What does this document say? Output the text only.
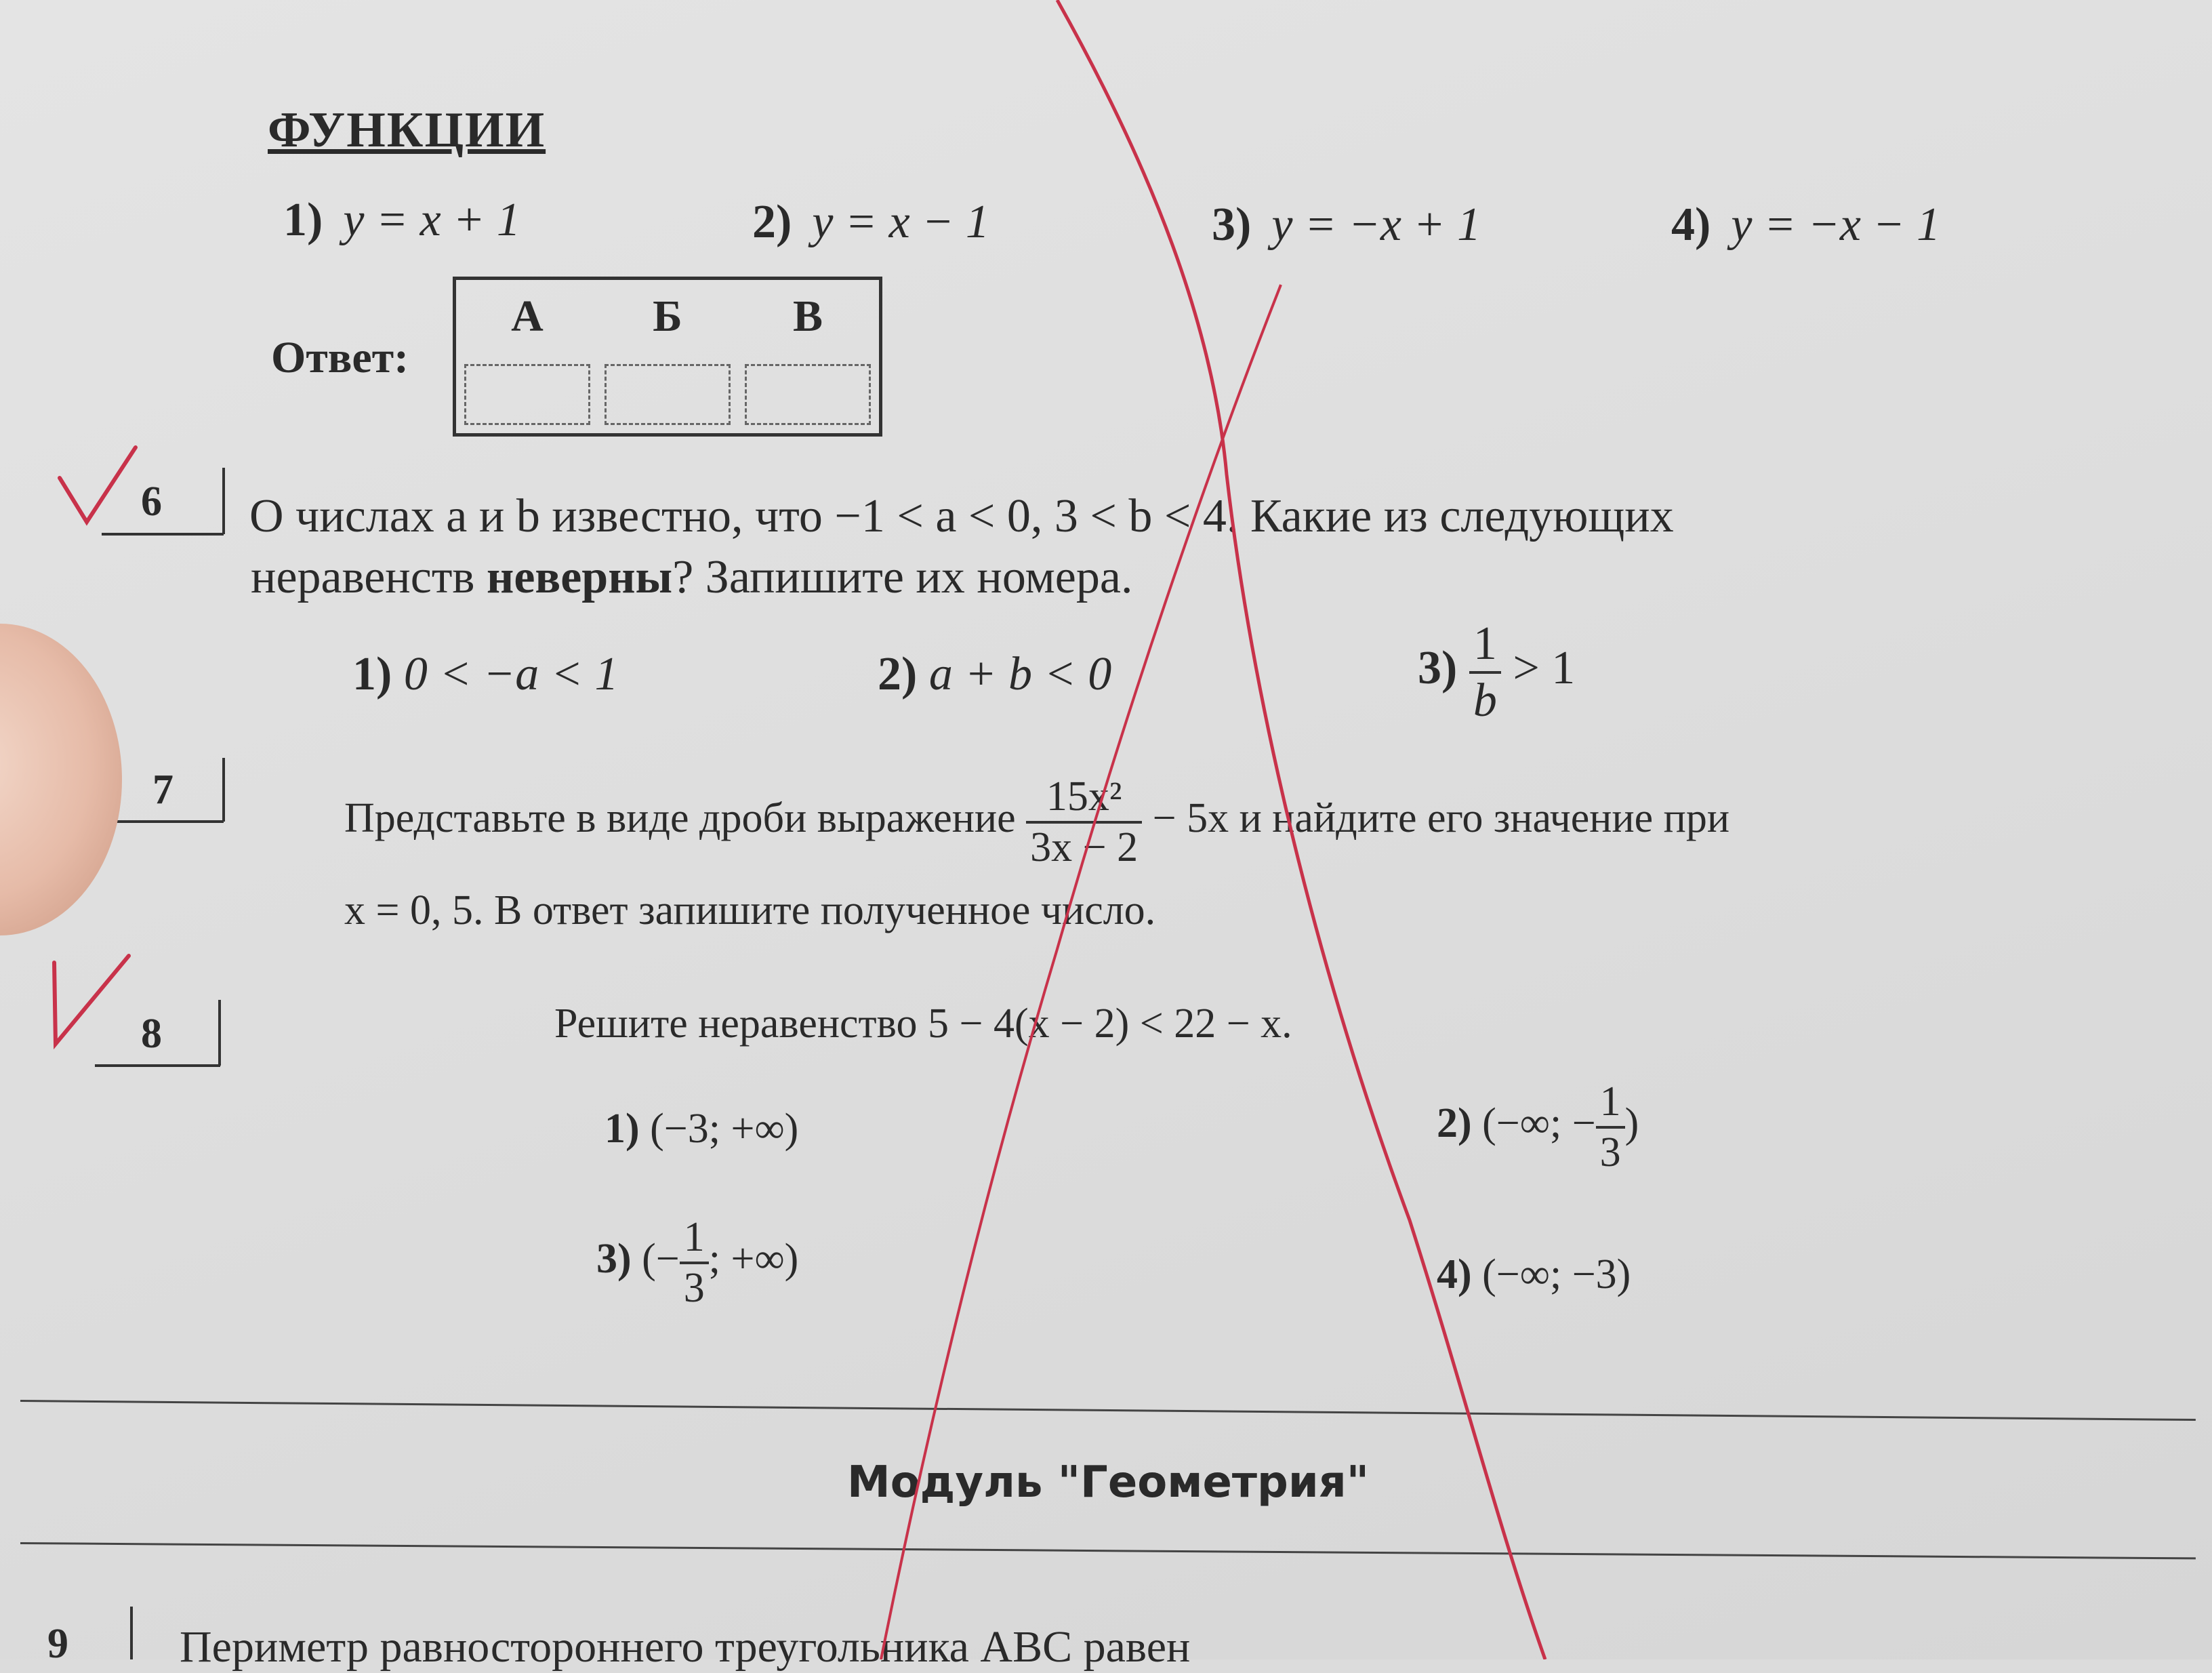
ФУНКЦИИ
1) y = x + 1	2) y = x − 1	3) y = −x + 1	4) y = −x − 1
Ответ:
А	Б	В
6 О числах a и b известно, что −1 < a < 0, 3 < b < 4. Какие из следующих
неравенств неверны? Запишите их номера.
1) 0 < −a < 1	2) a + b < 0	$3) \frac{1}{b} > 1$
7
Представьте в виде дроби выражение $\frac{\text{15x²}}{3x - 2} - 5x$ и найдите его значение при
x = 0, 5. В ответ запишите полученное число.
8	Решите неравенство 5 − 4(x − 2) < 22 − x.
1) (−3; +∞)	2) (−∞; − $\frac{1}{3}$ )
3) (− $\frac{1}{3}$ ; +∞)	4) (−∞; −3)
Модуль "Геометрия"
9 Периметр равностороннего треугольника ABC равен
